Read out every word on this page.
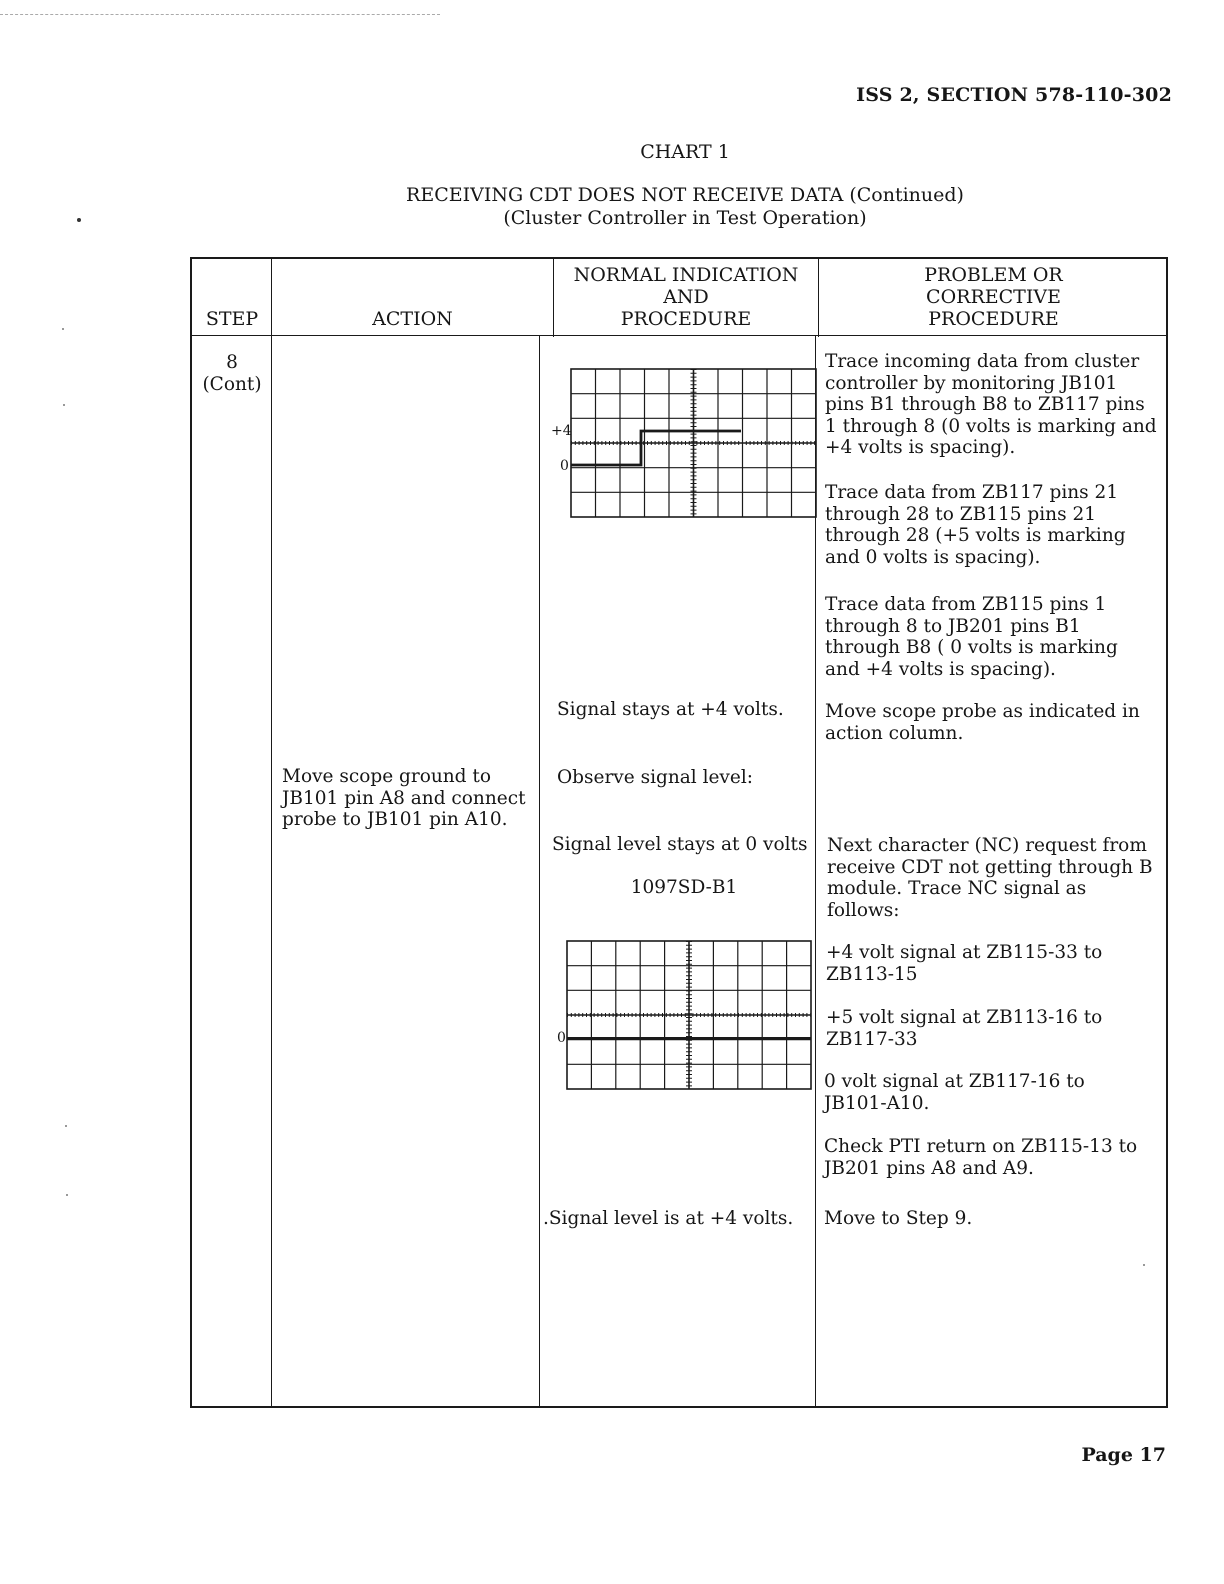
ISS 2, SECTION 578-110-302
CHART 1
RECEIVING CDT DOES NOT RECEIVE DATA (Continued)
(Cluster Controller in Test Operation)
STEP	ACTION
NORMAL INDICATION
AND
PROCEDURE
PROBLEM OR
CORRECTIVE
PROCEDURE
8
(Cont)
Move scope ground to
JB101 pin A8 and connect
probe to JB101 pin A10.
+4
0
Signal stays at +4 volts.
Observe signal level:
Signal level stays at 0 volts
1097SD-B1
0
.Signal level is at +4 volts.
Trace incoming data from cluster
controller by monitoring JB101
pins B1 through B8 to ZB117 pins
1 through 8 (0 volts is marking and
+4 volts is spacing).
Trace data from ZB117 pins 21
through 28 to ZB115 pins 21
through 28 (+5 volts is marking
and 0 volts is spacing).
Trace data from ZB115 pins 1
through 8 to JB201 pins B1
through B8 ( 0 volts is marking
and +4 volts is spacing).
Move scope probe as indicated in
action column.
Next character (NC) request from
receive CDT not getting through B
module. Trace NC signal as
follows:
+4 volt signal at ZB115-33 to
ZB113-15
+5 volt signal at ZB113-16 to
ZB117-33
0 volt signal at ZB117-16 to
JB101-A10.
Check PTI return on ZB115-13 to
JB201 pins A8 and A9.
Move to Step 9.
Page 17
